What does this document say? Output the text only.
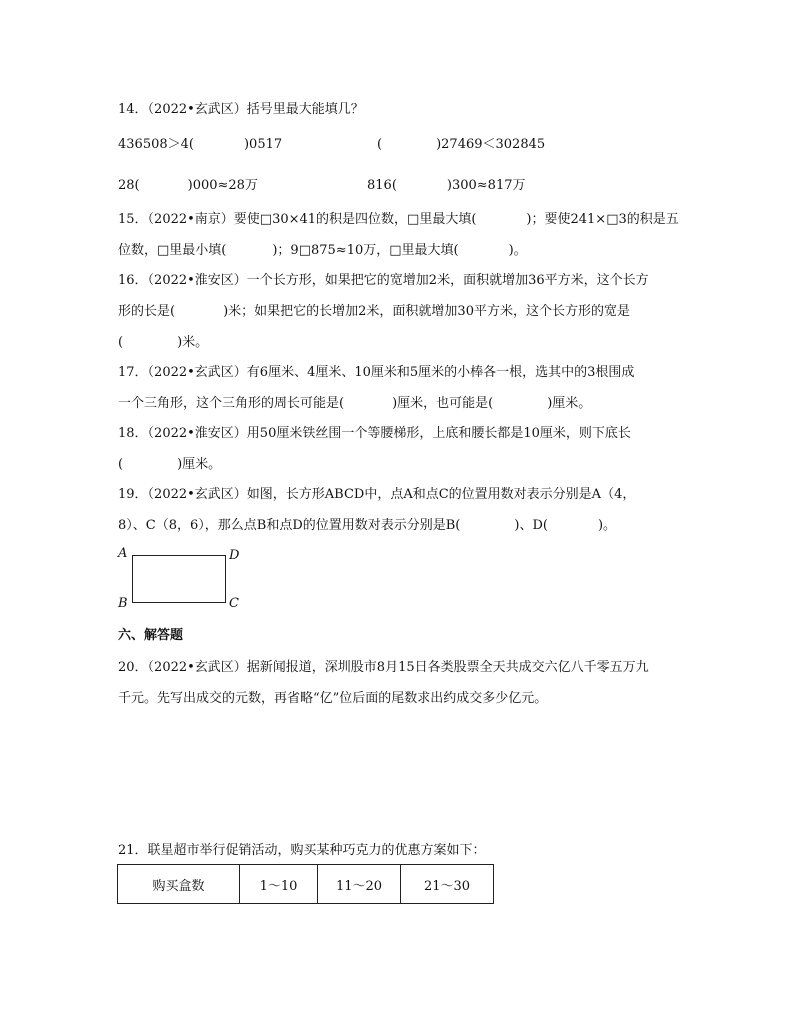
14．（2022•玄武区）括号里最大能填几？
436508＞4(	)0517	(	)27469＜302845
28(	)000≈28万	816(	)300≈817万
15．（2022•南京）要使□30×41的积是四位数，□里最大填(	)；要使241×□3的积是五
位数，□里最小填(	)；9□875≈10万，□里最大填(	)。
16．（2022•淮安区）一个长方形，如果把它的宽增加2米，面积就增加36平方米，这个长方
形的长是(	)米；如果把它的长增加2米，面积就增加30平方米，这个长方形的宽是
(	)米。
17．（2022•玄武区）有6厘米、4厘米、10厘米和5厘米的小棒各一根，选其中的3根围成
一个三角形，这个三角形的周长可能是(	)厘米，也可能是(	)厘米。
18．（2022•淮安区）用50厘米铁丝围一个等腰梯形，上底和腰长都是10厘米，则下底长
(	)厘米。
19．（2022•玄武区）如图，长方形ABCD中，点A和点C的位置用数对表示分别是A（4，
8）、C（8，6），那么点B和点D的位置用数对表示分别是B(	)、D(	)。
A	D
B	C
六、解答题
20．（2022•玄武区）据新闻报道，深圳股市8月15日各类股票全天共成交六亿八千零五万九
千元。先写出成交的元数，再省略“亿”位后面的尾数求出约成交多少亿元。
21．联星超市举行促销活动，购买某种巧克力的优惠方案如下：
购买盒数	1～10	11～20	21～30
